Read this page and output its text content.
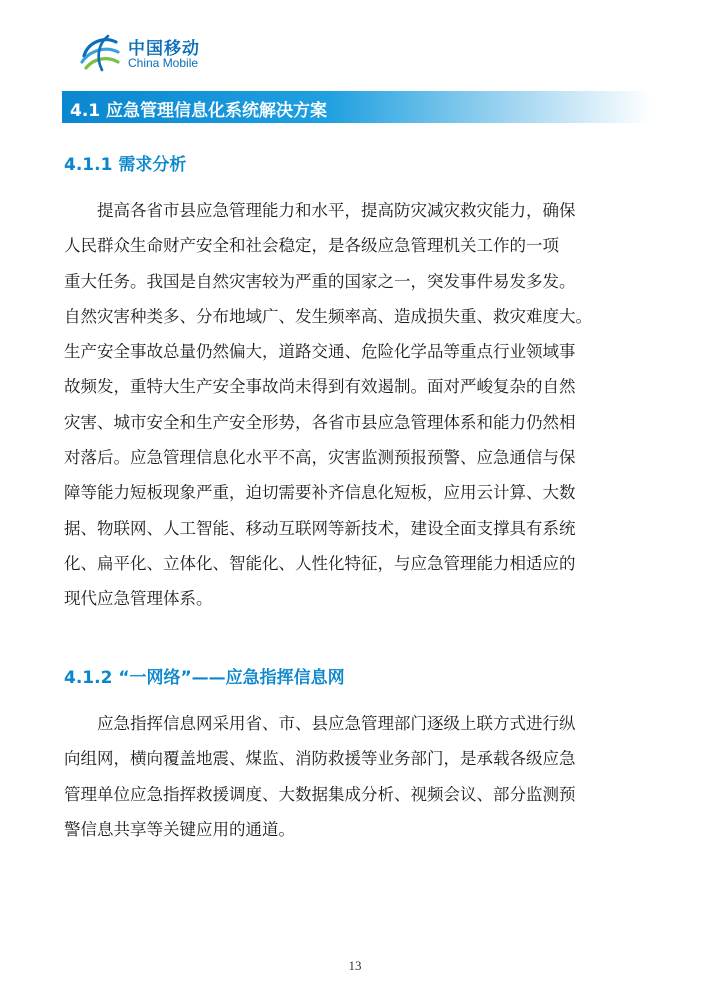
中国移动
China Mobile
4.1 应急管理信息化系统解决方案
4.1.1 需求分析
　　提高各省市县应急管理能力和水平，提高防灾减灾救灾能力，确保
人民群众生命财产安全和社会稳定，是各级应急管理机关工作的一项
重大任务。我国是自然灾害较为严重的国家之一，突发事件易发多发。
自然灾害种类多、分布地域广、发生频率高、造成损失重、救灾难度大。
生产安全事故总量仍然偏大，道路交通、危险化学品等重点行业领域事
故频发，重特大生产安全事故尚未得到有效遏制。面对严峻复杂的自然
灾害、城市安全和生产安全形势，各省市县应急管理体系和能力仍然相
对落后。应急管理信息化水平不高，灾害监测预报预警、应急通信与保
障等能力短板现象严重，迫切需要补齐信息化短板，应用云计算、大数
据、物联网、人工智能、移动互联网等新技术，建设全面支撑具有系统
化、扁平化、立体化、智能化、人性化特征，与应急管理能力相适应的
现代应急管理体系。
4.1.2 “一网络”——应急指挥信息网
　　应急指挥信息网采用省、市、县应急管理部门逐级上联方式进行纵
向组网，横向覆盖地震、煤监、消防救援等业务部门，是承载各级应急
管理单位应急指挥救援调度、大数据集成分析、视频会议、部分监测预
警信息共享等关键应用的通道。
13
